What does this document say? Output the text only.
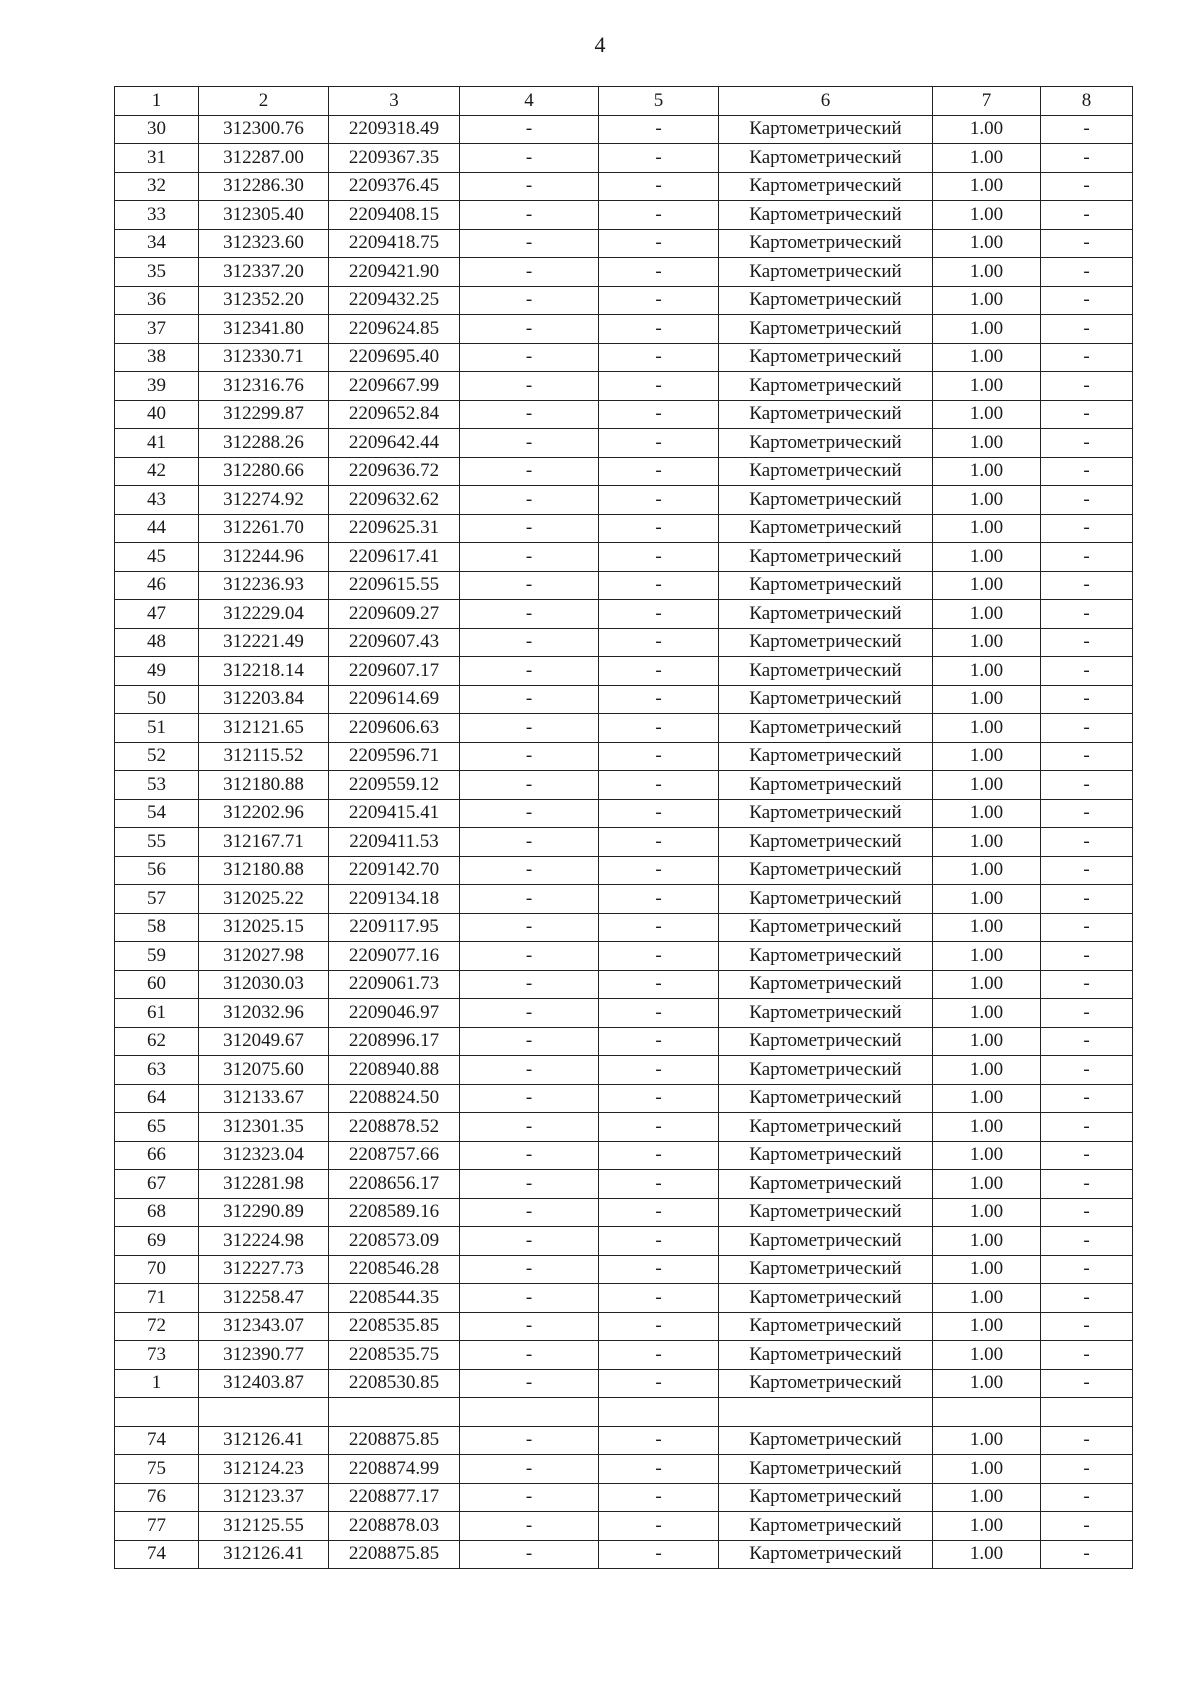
4
1	2	3	4	5	6	7	8
30	312300.76	2209318.49	-	-	Картометрический	1.00	-
31	312287.00	2209367.35	-	-	Картометрический	1.00	-
32	312286.30	2209376.45	-	-	Картометрический	1.00	-
33	312305.40	2209408.15	-	-	Картометрический	1.00	-
34	312323.60	2209418.75	-	-	Картометрический	1.00	-
35	312337.20	2209421.90	-	-	Картометрический	1.00	-
36	312352.20	2209432.25	-	-	Картометрический	1.00	-
37	312341.80	2209624.85	-	-	Картометрический	1.00	-
38	312330.71	2209695.40	-	-	Картометрический	1.00	-
39	312316.76	2209667.99	-	-	Картометрический	1.00	-
40	312299.87	2209652.84	-	-	Картометрический	1.00	-
41	312288.26	2209642.44	-	-	Картометрический	1.00	-
42	312280.66	2209636.72	-	-	Картометрический	1.00	-
43	312274.92	2209632.62	-	-	Картометрический	1.00	-
44	312261.70	2209625.31	-	-	Картометрический	1.00	-
45	312244.96	2209617.41	-	-	Картометрический	1.00	-
46	312236.93	2209615.55	-	-	Картометрический	1.00	-
47	312229.04	2209609.27	-	-	Картометрический	1.00	-
48	312221.49	2209607.43	-	-	Картометрический	1.00	-
49	312218.14	2209607.17	-	-	Картометрический	1.00	-
50	312203.84	2209614.69	-	-	Картометрический	1.00	-
51	312121.65	2209606.63	-	-	Картометрический	1.00	-
52	312115.52	2209596.71	-	-	Картометрический	1.00	-
53	312180.88	2209559.12	-	-	Картометрический	1.00	-
54	312202.96	2209415.41	-	-	Картометрический	1.00	-
55	312167.71	2209411.53	-	-	Картометрический	1.00	-
56	312180.88	2209142.70	-	-	Картометрический	1.00	-
57	312025.22	2209134.18	-	-	Картометрический	1.00	-
58	312025.15	2209117.95	-	-	Картометрический	1.00	-
59	312027.98	2209077.16	-	-	Картометрический	1.00	-
60	312030.03	2209061.73	-	-	Картометрический	1.00	-
61	312032.96	2209046.97	-	-	Картометрический	1.00	-
62	312049.67	2208996.17	-	-	Картометрический	1.00	-
63	312075.60	2208940.88	-	-	Картометрический	1.00	-
64	312133.67	2208824.50	-	-	Картометрический	1.00	-
65	312301.35	2208878.52	-	-	Картометрический	1.00	-
66	312323.04	2208757.66	-	-	Картометрический	1.00	-
67	312281.98	2208656.17	-	-	Картометрический	1.00	-
68	312290.89	2208589.16	-	-	Картометрический	1.00	-
69	312224.98	2208573.09	-	-	Картометрический	1.00	-
70	312227.73	2208546.28	-	-	Картометрический	1.00	-
71	312258.47	2208544.35	-	-	Картометрический	1.00	-
72	312343.07	2208535.85	-	-	Картометрический	1.00	-
73	312390.77	2208535.75	-	-	Картометрический	1.00	-
1	312403.87	2208530.85	-	-	Картометрический	1.00	-

74	312126.41	2208875.85	-	-	Картометрический	1.00	-
75	312124.23	2208874.99	-	-	Картометрический	1.00	-
76	312123.37	2208877.17	-	-	Картометрический	1.00	-
77	312125.55	2208878.03	-	-	Картометрический	1.00	-
74	312126.41	2208875.85	-	-	Картометрический	1.00	-
